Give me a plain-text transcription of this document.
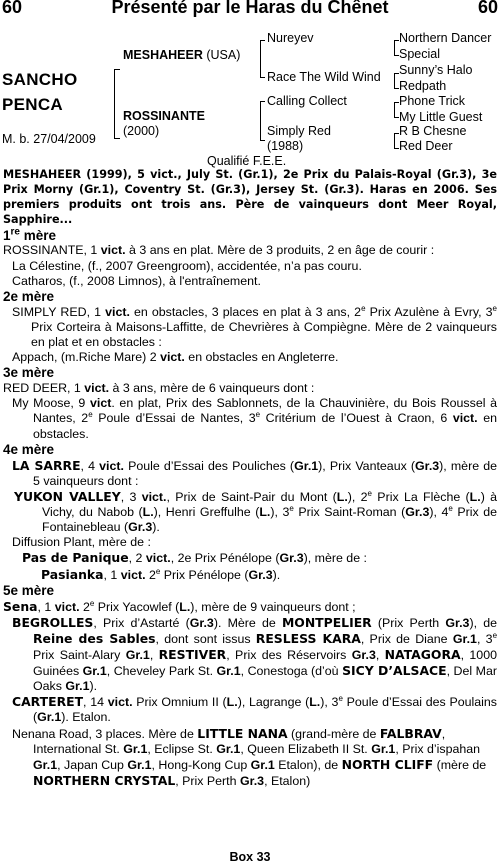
60	Présenté par le Haras du Chênet	60
SANCHO
PENCA
M. b. 27/04/2009
MESHAHEER (USA)
ROSSINANTE
(2000)
Nureyev
Race The Wild Wind
Calling Collect
Simply Red
(1988)
Northern Dancer
Special
Sunny’s Halo
Redpath
Phone Trick
My Little Guest
R B Chesne
Red Deer
Qualifié F.E.E.
MESHAHEER (1999), 5 vict., July St. (Gr.1), 2e Prix du Palais-Royal (Gr.3), 3e Prix Morny (Gr.1), Coventry St. (Gr.3), Jersey St. (Gr.3). Haras en 2006. Ses premiers produits ont trois ans. Père de vainqueurs dont Meer Royal, Sapphire...
1re mère
ROSSINANTE, 1 vict. à 3 ans en plat. Mère de 3 produits, 2 en âge de courir :
La Célestine, (f., 2007 Greengroom), accidentée, n’a pas couru.
Catharos, (f., 2008 Limnos), à l'entraînement.
2e mère
SIMPLY RED, 1 vict. en obstacles, 3 places en plat à 3 ans, 2e Prix Azulène à Evry, 3e Prix Corteira à Maisons-Laffitte, de Chevrières à Compiègne. Mère de 2 vainqueurs en plat et en obstacles :
Appach, (m.Riche Mare) 2 vict. en obstacles en Angleterre.
3e mère
RED DEER, 1 vict. à 3 ans, mère de 6 vainqueurs dont :
My Moose, 9 vict. en plat, Prix des Sablonnets, de la Chauvinière, du Bois Roussel à Nantes, 2e Poule d’Essai de Nantes, 3e Critérium de l’Ouest à Craon, 6 vict. en obstacles.
4e mère
LA SARRE, 4 vict. Poule d’Essai des Pouliches (Gr.1), Prix Vanteaux (Gr.3), mère de 5 vainqueurs dont :
YUKON VALLEY, 3 vict., Prix de Saint-Pair du Mont (L.), 2e Prix La Flèche (L.) à Vichy, du Nabob (L.), Henri Greffulhe (L.), 3e Prix Saint-Roman (Gr.3), 4e Prix de Fontainebleau (Gr.3).
Diffusion Plant, mère de :
Pas de Panique, 2 vict., 2e Prix Pénélope (Gr.3), mère de :
Pasianka, 1 vict. 2e Prix Pénélope (Gr.3).
5e mère
Sena, 1 vict. 2e Prix Yacowlef (L.), mère de 9 vainqueurs dont ;
BEGROLLES, Prix d’Astarté (Gr.3). Mère de MONTPELIER (Prix Perth Gr.3), de Reine des Sables, dont sont issus RESLESS KARA, Prix de Diane Gr.1, 3e Prix Saint-Alary Gr.1, RESTIVER, Prix des Réservoirs Gr.3, NATAGORA, 1000 Guinées Gr.1, Cheveley Park St. Gr.1, Conestoga (d’où SICY D’ALSACE, Del Mar Oaks Gr.1).
CARTERET, 14 vict. Prix Omnium II (L.), Lagrange (L.), 3e Poule d’Essai des Poulains (Gr.1). Etalon.
Nenana Road, 3 places. Mère de LITTLE NANA (grand-mère de FALBRAV, International St. Gr.1, Eclipse St. Gr.1, Queen Elizabeth II St. Gr.1, Prix d’ispahan Gr.1, Japan Cup Gr.1, Hong-Kong Cup Gr.1 Etalon), de NORTH CLIFF (mère de NORTHERN CRYSTAL, Prix Perth Gr.3, Etalon)
Box 33
